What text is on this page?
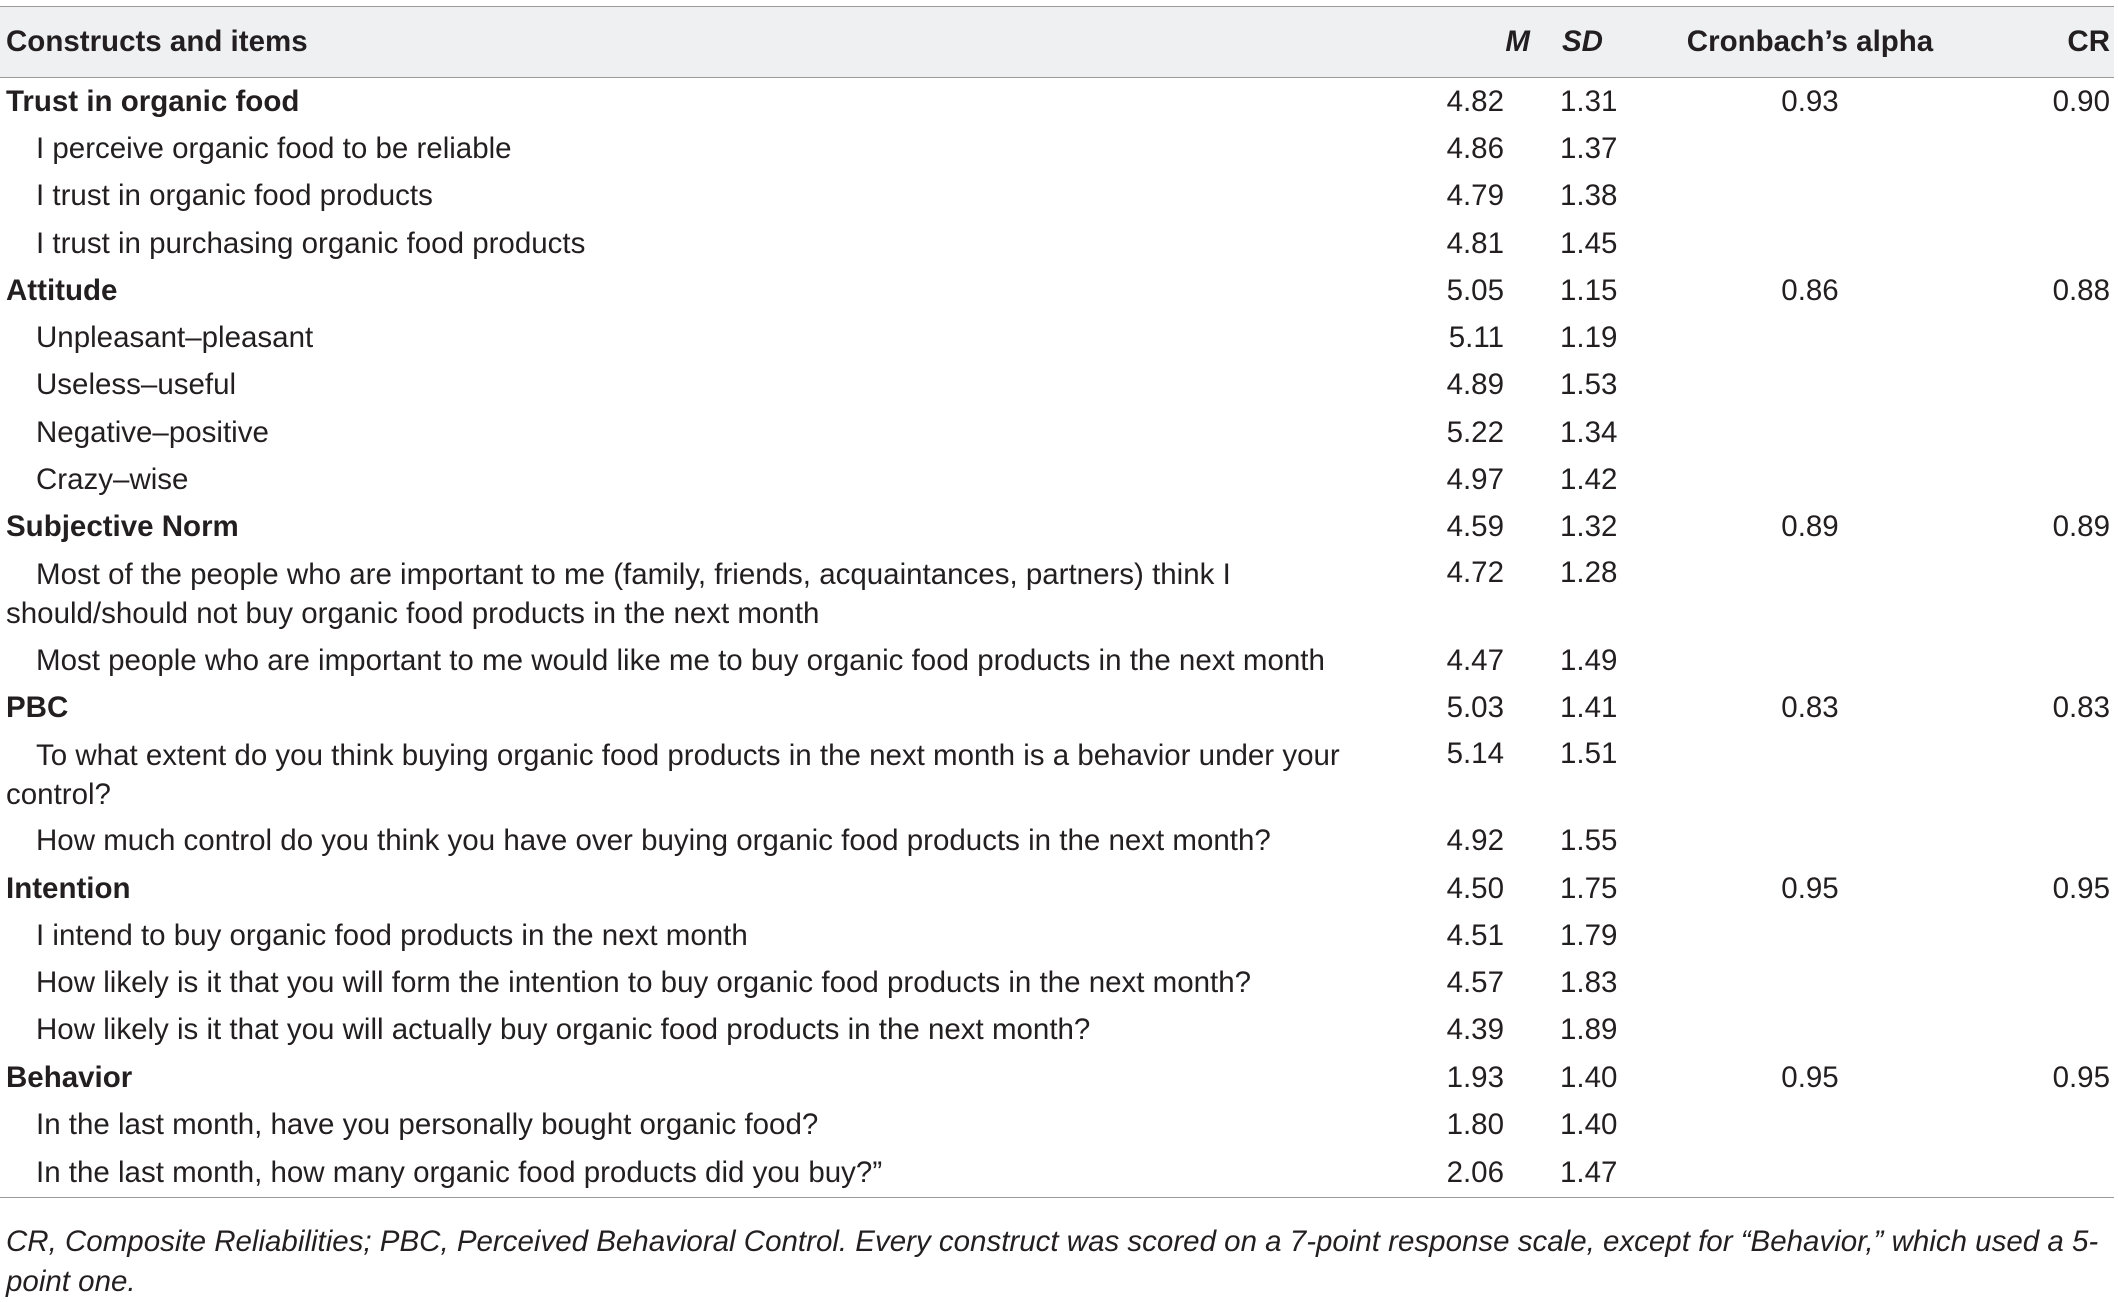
Constructs and items	M	SD	Cronbach’s alpha	CR
Trust in organic food	4.82	1.31	0.93	0.90
I perceive organic food to be reliable	4.86	1.37		
I trust in organic food products	4.79	1.38		
I trust in purchasing organic food products	4.81	1.45		
Attitude	5.05	1.15	0.86	0.88
Unpleasant–pleasant	5.11	1.19		
Useless–useful	4.89	1.53		
Negative–positive	5.22	1.34		
Crazy–wise	4.97	1.42		
Subjective Norm	4.59	1.32	0.89	0.89
Most of the people who are important to me (family, friends, acquaintances, partners) think I should/should not buy organic food products in the next month	4.72	1.28		
Most people who are important to me would like me to buy organic food products in the next month	4.47	1.49		
PBC	5.03	1.41	0.83	0.83
To what extent do you think buying organic food products in the next month is a behavior under your control?	5.14	1.51		
How much control do you think you have over buying organic food products in the next month?	4.92	1.55		
Intention	4.50	1.75	0.95	0.95
I intend to buy organic food products in the next month	4.51	1.79		
How likely is it that you will form the intention to buy organic food products in the next month?	4.57	1.83		
How likely is it that you will actually buy organic food products in the next month?	4.39	1.89		
Behavior	1.93	1.40	0.95	0.95
In the last month, have you personally bought organic food?	1.80	1.40		
In the last month, how many organic food products did you buy?”	2.06	1.47		
CR, Composite Reliabilities; PBC, Perceived Behavioral Control. Every construct was scored on a 7-point response scale, except for “Behavior,” which used a 5-point one.
